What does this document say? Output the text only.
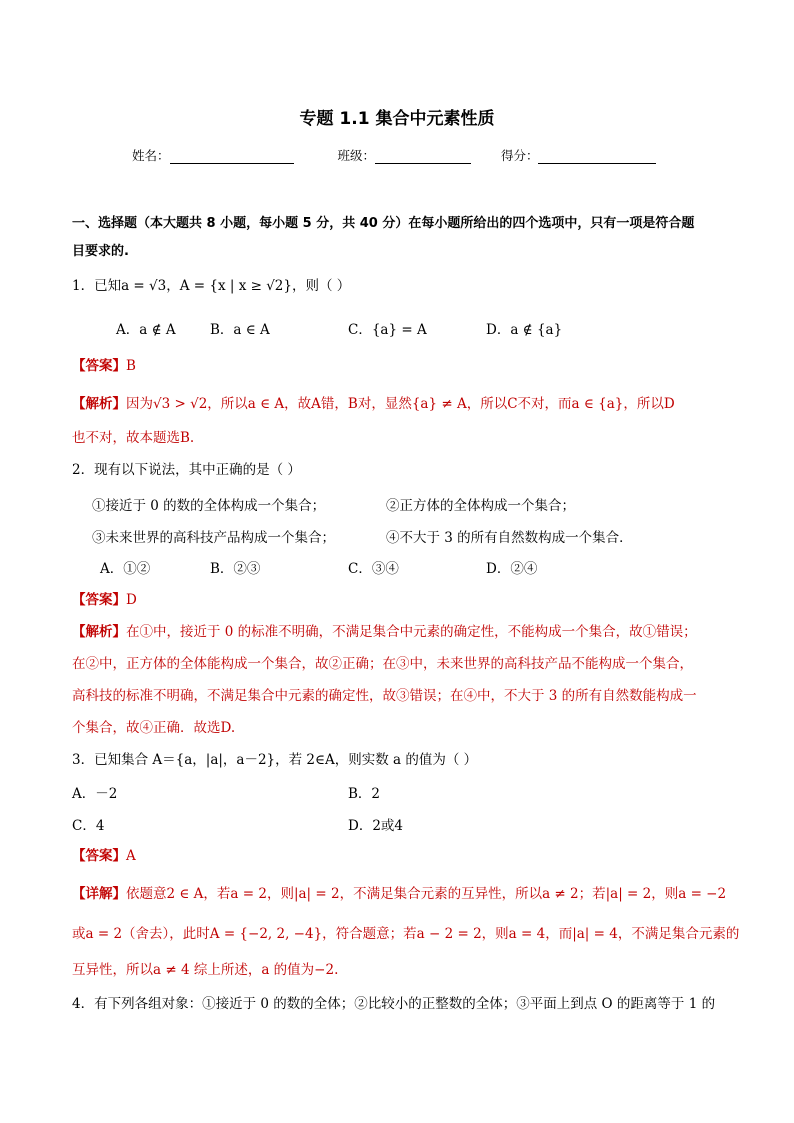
专题 1.1 集合中元素性质
姓名：	班级：	得分：
一、选择题（本大题共 8 小题，每小题 5 分，共 40 分）在每小题所给出的四个选项中，只有一项是符合题
目要求的.
1．已知a = √3，A = {x | x ≥ √2}，则（ ）
A．a ∉ A	B．a ∈ A	C．{a} = A	D．a ∉ {a}
【答案】B
【解析】因为√3 > √2，所以a ∈ A，故A错，B对，显然{a} ≠ A，所以C不对，而a ∈ {a}，所以D
也不对，故本题选B.
2．现有以下说法，其中正确的是（ ）
①接近于 0 的数的全体构成一个集合；	②正方体的全体构成一个集合；
③未来世界的高科技产品构成一个集合；	④不大于 3 的所有自然数构成一个集合．
A．①②	B．②③	C．③④	D．②④
【答案】D
【解析】在①中，接近于 0 的标准不明确，不满足集合中元素的确定性，不能构成一个集合，故①错误；
在②中，正方体的全体能构成一个集合，故②正确；在③中，未来世界的高科技产品不能构成一个集合，
高科技的标准不明确，不满足集合中元素的确定性，故③错误；在④中，不大于 3 的所有自然数能构成一
个集合，故④正确．故选D.
3．已知集合 A＝{a，|a|，a－2}，若 2∈A，则实数 a 的值为（ ）
A．－2	B．2
C．4	D．2或4
【答案】A
【详解】依题意2 ∈ A，若a = 2，则|a| = 2，不满足集合元素的互异性，所以a ≠ 2；若|a| = 2，则a = −2
或a = 2（舍去），此时A = {−2, 2, −4}，符合题意；若a − 2 = 2，则a = 4，而|a| = 4，不满足集合元素的
互异性，所以a ≠ 4 综上所述，a 的值为−2.
4．有下列各组对象：①接近于 0 的数的全体；②比较小的正整数的全体；③平面上到点 O 的距离等于 1 的
